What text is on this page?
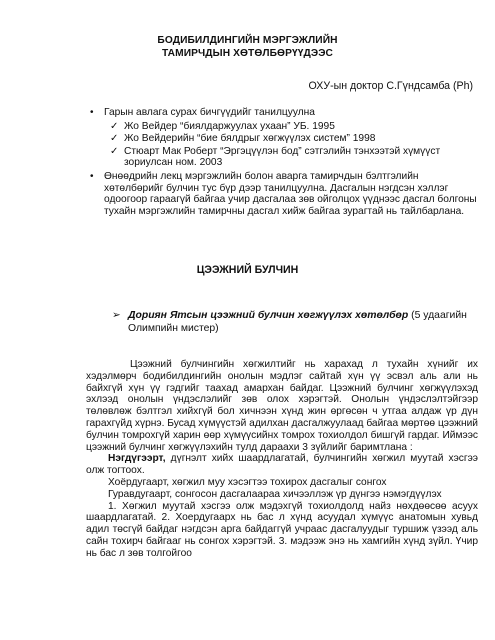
БОДИБИЛДИНГИЙН МЭРГЭЖЛИЙН
ТАМИРЧДЫН ХӨТӨЛБӨРҮҮДЭЭС
ОХУ-ын доктор С.Гүндсамба (Ph)
• Гарын авлага сурах бичгүүдийг танилцуулна
✓ Жо Вейдер “биялдаржуулах ухаан” УБ. 1995
✓ Жо Вейдерийн “бие бялдрыг хөгжүүлэх систем” 1998
✓ Стюарт Мак Роберт “Эргэцүүлэн бод” сэтгэлийн тэнхээтэй хүмүүст зориулсан ном. 2003
• Өнөөдрийн лекц мэргэжлийн болон аварга тамирчдын бэлтгэлийн хөтөлбөрийг булчин тус бүр дээр танилцуулна. Дасгалын нэгдсэн хэллэг одоогоор гараагүй байгаа учир дасгалаа зөв ойголцох үүднээс дасгал болгоны тухайн мэргэжлийн тамирчны дасгал хийж байгаа зурагтай нь тайлбарлана.
ЦЭЭЖНИЙ БУЛЧИН
➢ Дориян Ятсын цээжний булчин хөгжүүлэх хөтөлбөр (5 удаагийн Олимпийн мистер)

Цээжний булчингийн хөгжилтийг нь харахад л тухайн хүнийг их хэдэлмөрч бодибилдингийн онолын мэдлэг сайтай хүн үү эсвэл аль али нь байхгүй хүн үү гэдгийг таахад амархан байдаг. Цээжний булчинг хөгжүүлэхэд эхлээд онолын үндэслэлийг зөв олох хэрэгтэй. Онолын үндэслэлтэйгээр төлөвлөж бэлтгэл хийхгүй бол хичнээн хүнд жин өргөсөн ч утгаа алдаж үр дүн гарахгүйд хүрнэ. Бусад хүмүүстэй адилхан дасгалжуулаад байгаа мөртөө цээжний булчин томрохгүй харин өөр хүмүүсийнх томрох тохиолдол бишгүй гардаг. Иймээс цээжний булчинг хөгжүүлэхийн тулд дараахи 3 зүйлийг баримтлана :

Нэгдүгээрт, дүгнэлт хийх шаардлагатай, булчингийн хөгжил муутай хэсгээ олж тогтоох.

Хоёрдугаарт, хөгжил муу хэсэгтээ тохирох дасгалыг сонгох

Гуравдугаарт, сонгосон дасгалаараа хичээллэж үр дүнгээ нэмэгдүүлэх

1. Хөгжил муутай хэсгээ олж мэдэхгүй тохиолдолд найз нөхдөөсөө асуух шаардлагатай. 2. Хоердугаарх нь бас л хүнд асуудал хүмүүс анатомын хувьд адил төсгүй байдаг нэгдсэн арга байдаггүй учраас дасгалуудыг туршиж үзээд аль сайн тохирч байгааг нь сонгох хэрэгтэй. 3. мэдээж энэ нь хамгийн хүнд зүйл. Үчир нь бас л зөв толгойгоо
